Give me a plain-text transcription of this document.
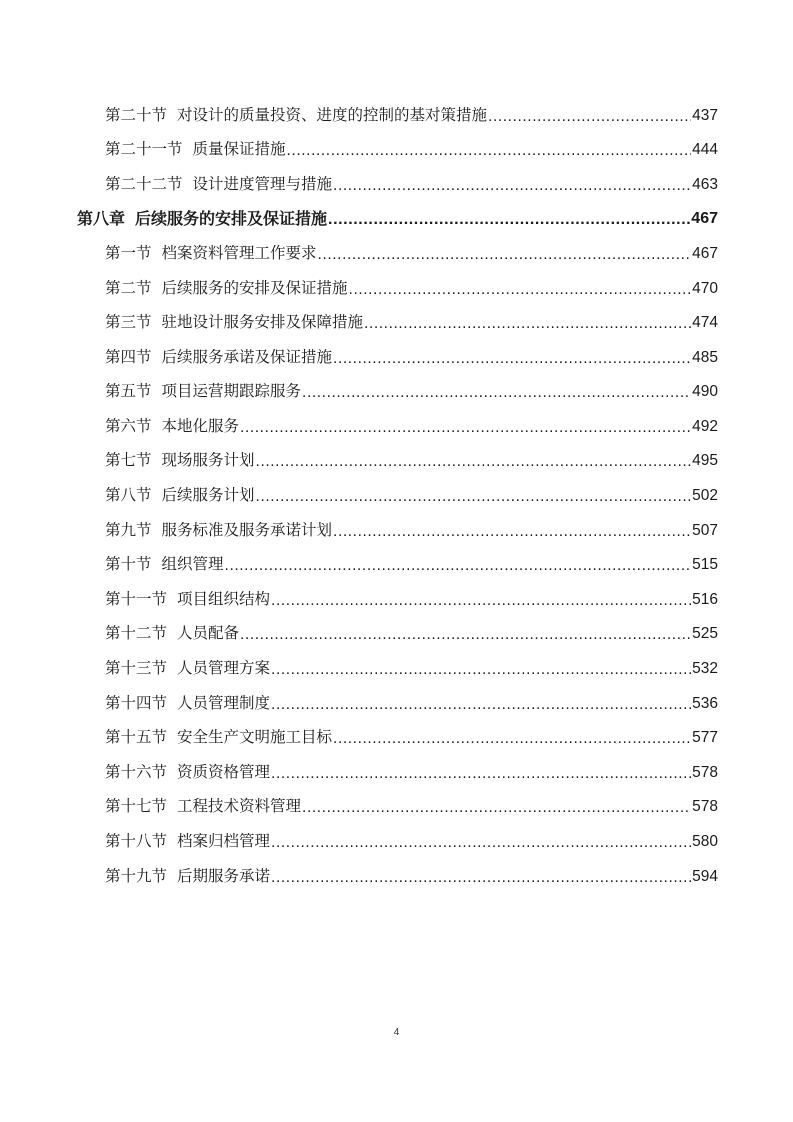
第二十节 对设计的质量投资、进度的控制的基对策措施 .....	437
第二十一节 质量保证措施 .....	444
第二十二节 设计进度管理与措施 .....	463
第八章 后续服务的安排及保证措施 .....	467
第一节 档案资料管理工作要求 .....	467
第二节 后续服务的安排及保证措施 .....	470
第三节 驻地设计服务安排及保障措施 .....	474
第四节 后续服务承诺及保证措施 .....	485
第五节 项目运营期跟踪服务 .....	490
第六节 本地化服务 .....	492
第七节 现场服务计划 .....	495
第八节 后续服务计划 .....	502
第九节 服务标准及服务承诺计划 .....	507
第十节 组织管理 .....	515
第十一节 项目组织结构 .....	516
第十二节 人员配备 .....	525
第十三节 人员管理方案 .....	532
第十四节 人员管理制度 .....	536
第十五节 安全生产文明施工目标 .....	577
第十六节 资质资格管理 .....	578
第十七节 工程技术资料管理 .....	578
第十八节 档案归档管理 .....	580
第十九节 后期服务承诺 .....	594
4
